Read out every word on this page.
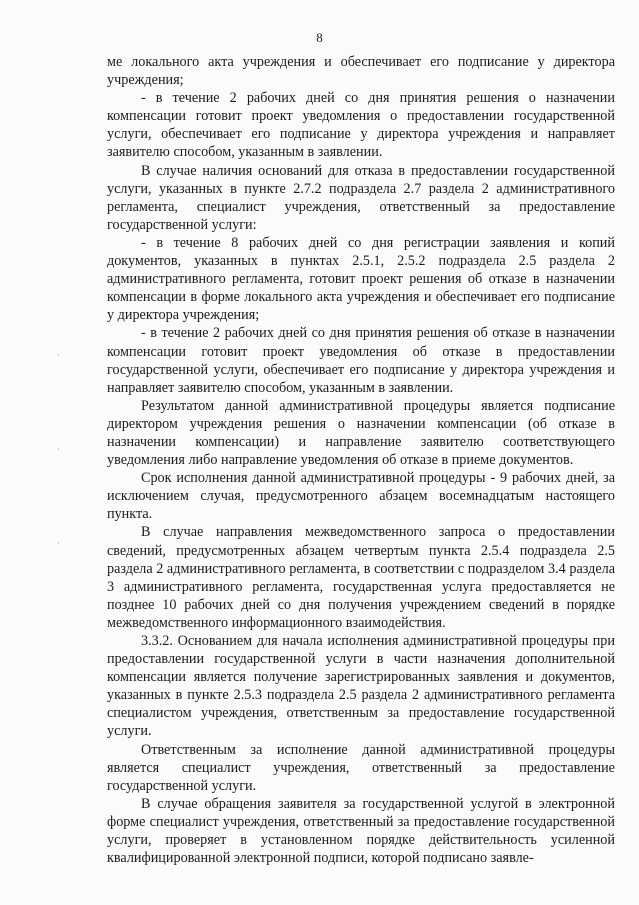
8
·
·
·

ме локального акта учреждения и обеспечивает его подписание у директора учреждения;

- в течение 2 рабочих дней со дня принятия решения о назначении компенсации готовит проект уведомления о предоставлении государственной услуги, обеспечивает его подписание у директора учреждения и направляет заявителю способом, указанным в заявлении.

В случае наличия оснований для отказа в предоставлении государственной услуги, указанных в пункте 2.7.2 подраздела 2.7 раздела 2 административного регламента, специалист учреждения, ответственный за предоставление государственной услуги:

- в течение 8 рабочих дней со дня регистрации заявления и копий документов, указанных в пунктах 2.5.1, 2.5.2 подраздела 2.5 раздела 2 административного регламента, готовит проект решения об отказе в назначении компенсации в форме локального акта учреждения и обеспечивает его подписание у директора учреждения;

- в течение 2 рабочих дней со дня принятия решения об отказе в назначении компенсации готовит проект уведомления об отказе в предоставлении государственной услуги, обеспечивает его подписание у директора учреждения и направляет заявителю способом, указанным в заявлении.

Результатом данной административной процедуры является подписание директором учреждения решения о назначении компенсации (об отказе в назначении компенсации) и направление заявителю соответствующего уведомления либо направление уведомления об отказе в приеме документов.

Срок исполнения данной административной процедуры - 9 рабочих дней, за исключением случая, предусмотренного абзацем восемнадцатым настоящего пункта.

В случае направления межведомственного запроса о предоставлении сведений, предусмотренных абзацем четвертым пункта 2.5.4 подраздела 2.5 раздела 2 административного регламента, в соответствии с подразделом 3.4 раздела 3 административного регламента, государственная услуга предоставляется не позднее 10 рабочих дней со дня получения учреждением сведений в порядке межведомственного информационного взаимодействия.

3.3.2. Основанием для начала исполнения административной процедуры при предоставлении государственной услуги в части назначения дополнительной компенсации является получение зарегистрированных заявления и документов, указанных в пункте 2.5.3 подраздела 2.5 раздела 2 административного регламента специалистом учреждения, ответственным за предоставление государственной услуги.

Ответственным за исполнение данной административной процедуры является специалист учреждения, ответственный за предоставление государственной услуги.

В случае обращения заявителя за государственной услугой в электронной форме специалист учреждения, ответственный за предоставление государственной услуги, проверяет в установленном порядке действительность усиленной квалифицированной электронной подписи, которой подписано заявле-
